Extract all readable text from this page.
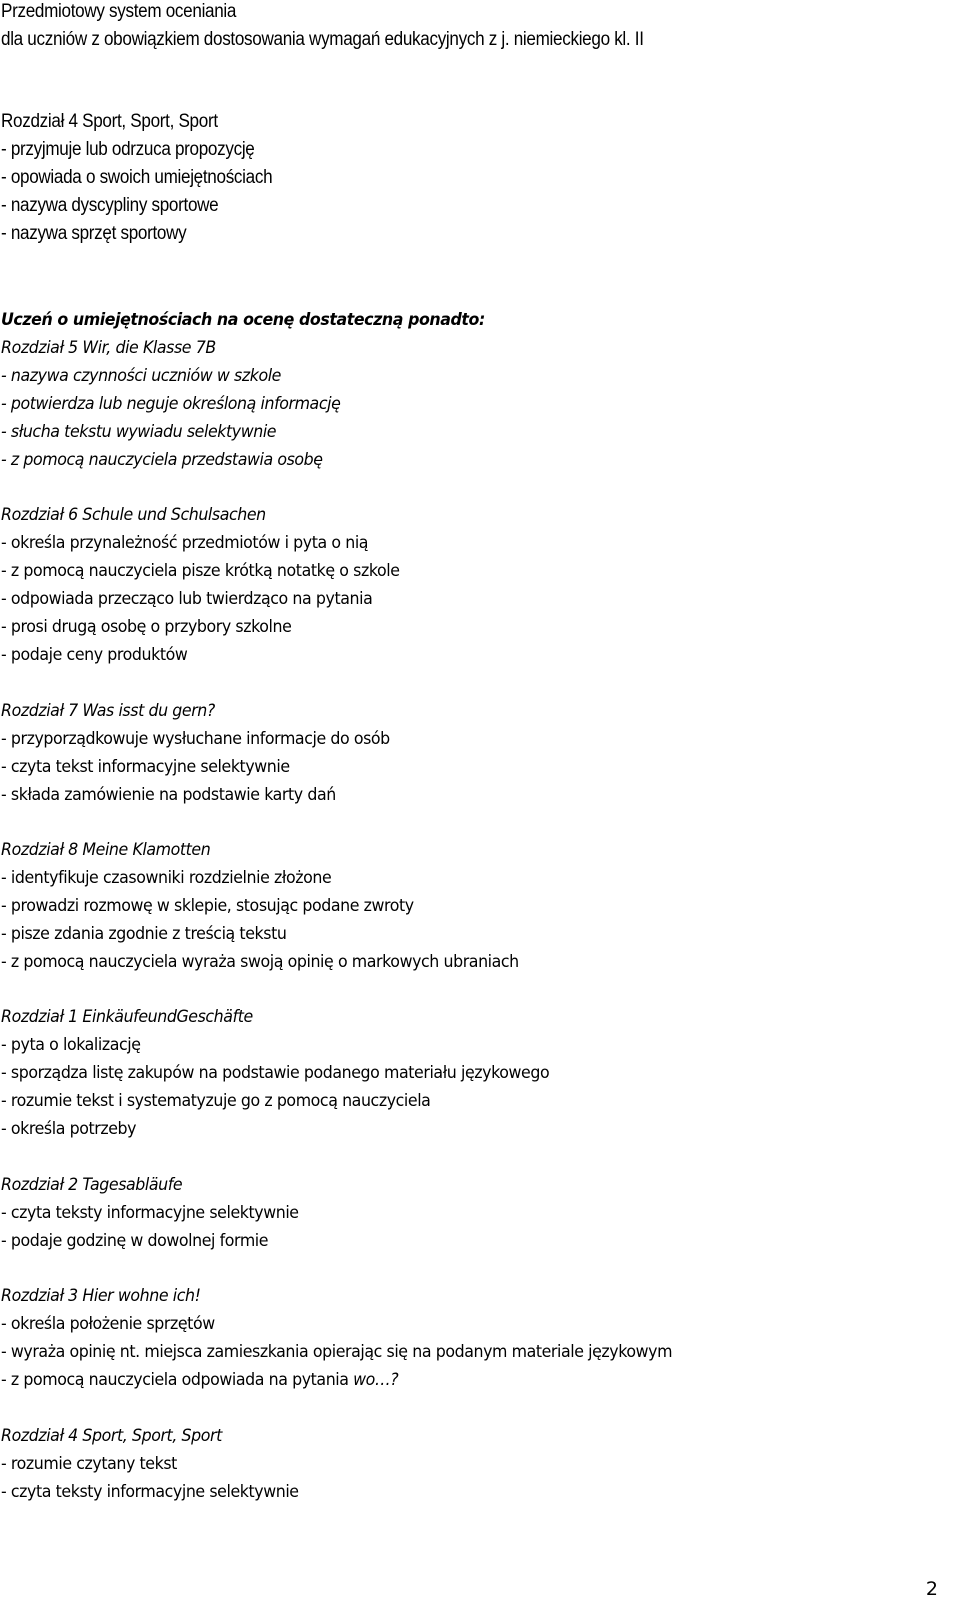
Przedmiotowy system oceniania
dla uczniów z obowiązkiem dostosowania wymagań edukacyjnych z j. niemieckiego kl. II
Rozdział 4 Sport, Sport, Sport
- przyjmuje lub odrzuca propozycję
- opowiada o swoich umiejętnościach
- nazywa dyscypliny sportowe
- nazywa sprzęt sportowy
Uczeń o umiejętnościach na ocenę dostateczną ponadto:
Rozdział 5 Wir, die Klasse 7B
- nazywa czynności uczniów w szkole
- potwierdza lub neguje określoną informację
- słucha tekstu wywiadu selektywnie
- z pomocą nauczyciela przedstawia osobę
Rozdział 6 Schule und Schulsachen
- określa przynależność przedmiotów i pyta o nią
- z pomocą nauczyciela pisze krótką notatkę o szkole
- odpowiada przecząco lub twierdząco na pytania
- prosi drugą osobę o przybory szkolne
- podaje ceny produktów
Rozdział 7 Was isst du gern?
- przyporządkowuje wysłuchane informacje do osób
- czyta tekst informacyjne selektywnie
- składa zamówienie na podstawie karty dań
Rozdział 8 Meine Klamotten
- identyfikuje czasowniki rozdzielnie złożone
- prowadzi rozmowę w sklepie, stosując podane zwroty
- pisze zdania zgodnie z treścią tekstu
- z pomocą nauczyciela wyraża swoją opinię o markowych ubraniach
Rozdział 1 EinkäufeundGeschäfte
- pyta o lokalizację
- sporządza listę zakupów na podstawie podanego materiału językowego
- rozumie tekst i systematyzuje go z pomocą nauczyciela
- określa potrzeby
Rozdział 2 Tagesabläufe
- czyta teksty informacyjne selektywnie
- podaje godzinę w dowolnej formie
Rozdział 3 Hier wohne ich!
- określa położenie sprzętów
- wyraża opinię nt. miejsca zamieszkania opierając się na podanym materiale językowym
- z pomocą nauczyciela odpowiada na pytania wo…?
Rozdział 4 Sport, Sport, Sport
- rozumie czytany tekst
- czyta teksty informacyjne selektywnie
2
